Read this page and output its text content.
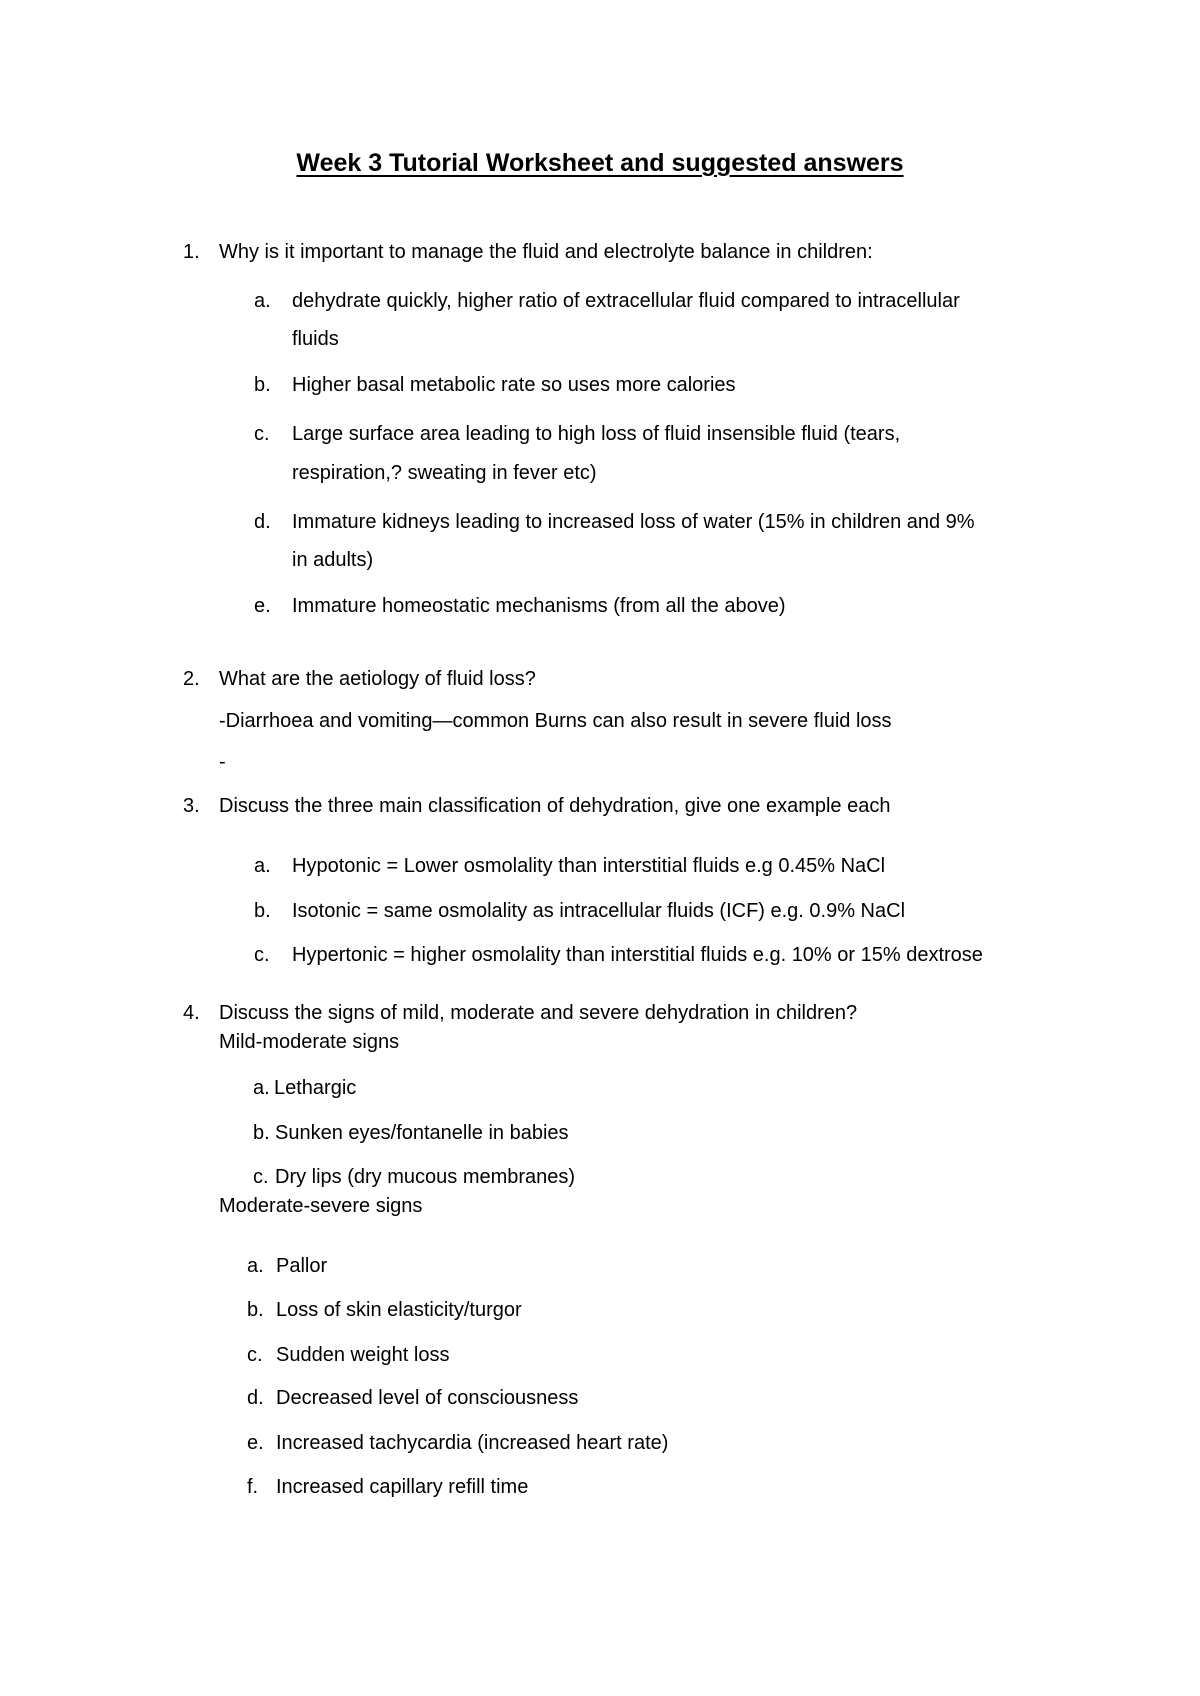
Week 3 Tutorial Worksheet and suggested answers
1. Why is it important to manage the fluid and electrolyte balance in children:
a. dehydrate quickly, higher ratio of extracellular fluid compared to intracellular
fluids
b. Higher basal metabolic rate so uses more calories
c. Large surface area leading to high loss of fluid insensible fluid (tears,
respiration,? sweating in fever etc)
d. Immature kidneys leading to increased loss of water (15% in children and 9%
in adults)
e. Immature homeostatic mechanisms (from all the above)
2. What are the aetiology of fluid loss?
-Diarrhoea and vomiting—common Burns can also result in severe fluid loss
-
3. Discuss the three main classification of dehydration, give one example each
a. Hypotonic = Lower osmolality than interstitial fluids e.g 0.45% NaCl
b. Isotonic = same osmolality as intracellular fluids (ICF) e.g. 0.9% NaCl
c. Hypertonic = higher osmolality than interstitial fluids e.g. 10% or 15% dextrose
4. Discuss the signs of mild, moderate and severe dehydration in children?
Mild-moderate signs
a. Lethargic
b. Sunken eyes/fontanelle in babies
c. Dry lips (dry mucous membranes)
Moderate-severe signs
a. Pallor
b. Loss of skin elasticity/turgor
c. Sudden weight loss
d. Decreased level of consciousness
e. Increased tachycardia (increased heart rate)
f. Increased capillary refill time
